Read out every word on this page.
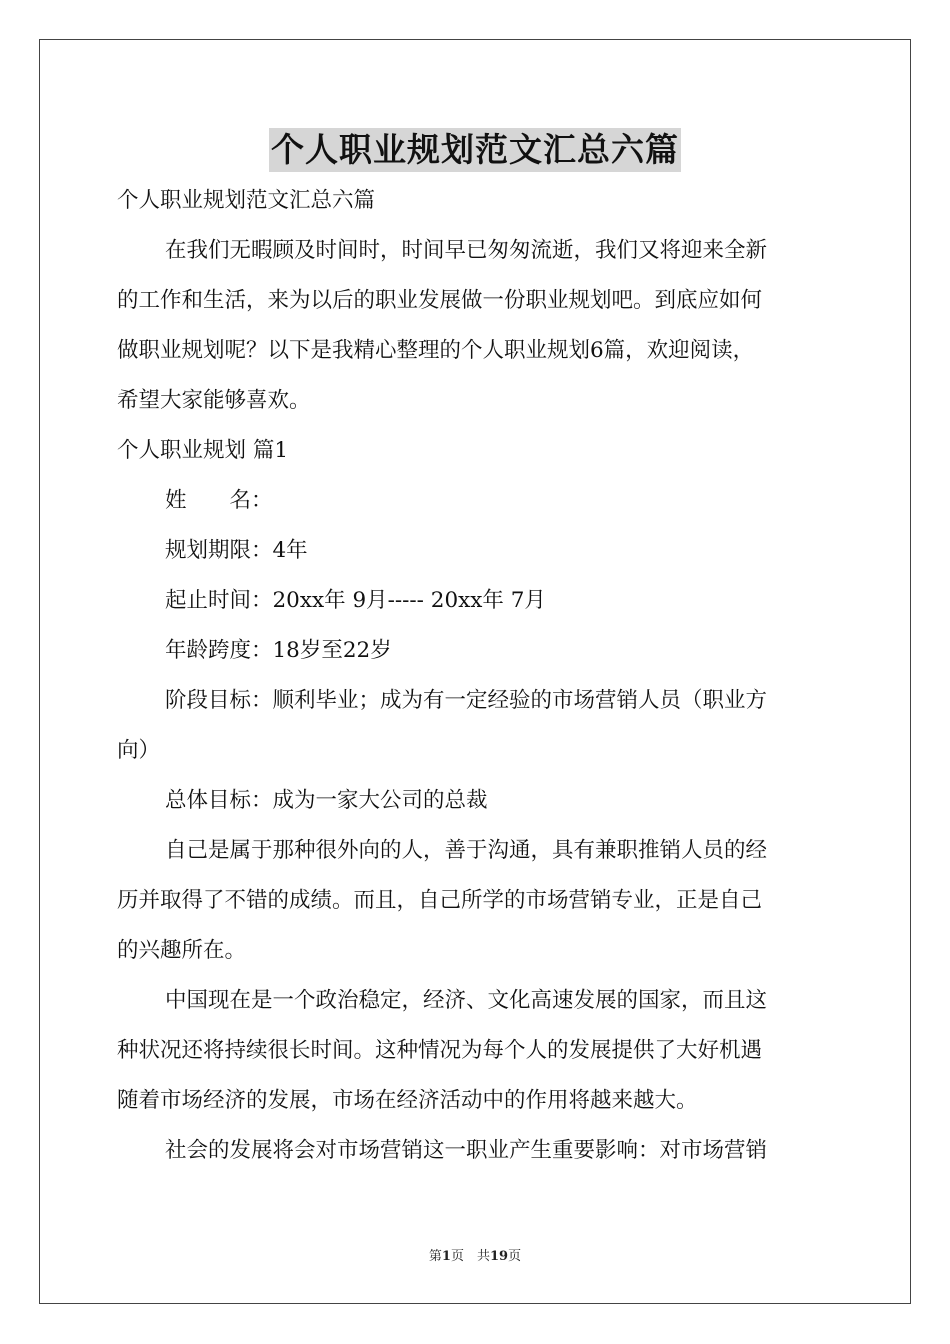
个人职业规划范文汇总六篇
个人职业规划范文汇总六篇
在我们无暇顾及时间时，时间早已匆匆流逝，我们又将迎来全新
的工作和生活，来为以后的职业发展做一份职业规划吧。到底应如何
做职业规划呢？以下是我精心整理的个人职业规划6篇，欢迎阅读，
希望大家能够喜欢。
个人职业规划 篇1
姓　　名：
规划期限：4年
起止时间：20xx年 9月----- 20xx年 7月
年龄跨度：18岁至22岁
阶段目标：顺利毕业；成为有一定经验的市场营销人员（职业方
向）
总体目标：成为一家大公司的总裁
自己是属于那种很外向的人，善于沟通，具有兼职推销人员的经
历并取得了不错的成绩。而且，自己所学的市场营销专业，正是自己
的兴趣所在。
中国现在是一个政治稳定，经济、文化高速发展的国家，而且这
种状况还将持续很长时间。这种情况为每个人的发展提供了大好机遇
随着市场经济的发展，市场在经济活动中的作用将越来越大。
社会的发展将会对市场营销这一职业产生重要影响：对市场营销
第1页　共19页
